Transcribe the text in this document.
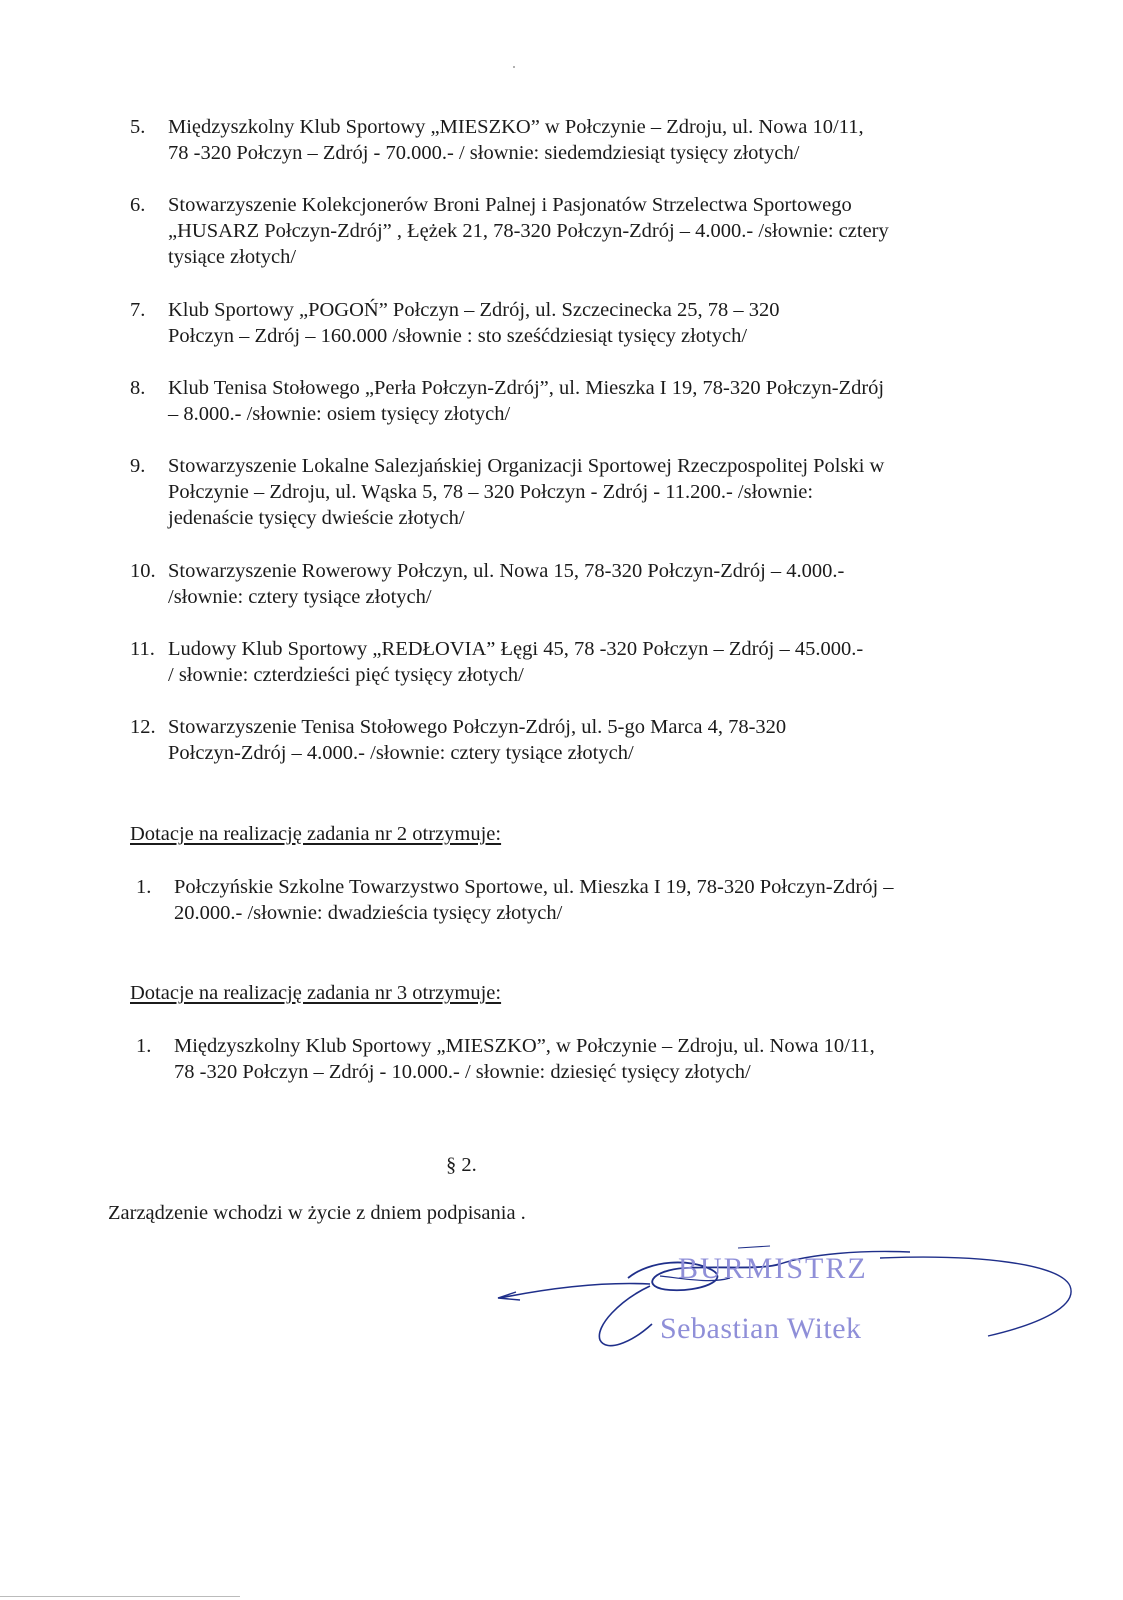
5.	Międzyszkolny Klub Sportowy „MIESZKO” w Połczynie – Zdroju, ul. Nowa 10/11,
78 -320 Połczyn – Zdrój - 70.000.- / słownie: siedemdziesiąt tysięcy złotych/
6.	Stowarzyszenie Kolekcjonerów Broni Palnej i Pasjonatów Strzelectwa Sportowego
„HUSARZ Połczyn-Zdrój” , Łężek 21, 78-320 Połczyn-Zdrój – 4.000.- /słownie: cztery
tysiące złotych/
7.	Klub Sportowy „POGOŃ” Połczyn – Zdrój, ul. Szczecinecka 25, 78 – 320
Połczyn – Zdrój – 160.000 /słownie : sto sześćdziesiąt tysięcy złotych/
8.	Klub Tenisa Stołowego „Perła Połczyn-Zdrój”, ul. Mieszka I 19, 78-320 Połczyn-Zdrój
– 8.000.- /słownie: osiem tysięcy złotych/
9.	Stowarzyszenie Lokalne Salezjańskiej Organizacji Sportowej Rzeczpospolitej Polski w
Połczynie – Zdroju, ul. Wąska 5, 78 – 320 Połczyn - Zdrój - 11.200.- /słownie:
jedenaście tysięcy dwieście złotych/
10. Stowarzyszenie Rowerowy Połczyn, ul. Nowa 15, 78-320 Połczyn-Zdrój – 4.000.-
/słownie: cztery tysiące złotych/
11. Ludowy Klub Sportowy „REDŁOVIA” Łęgi 45, 78 -320 Połczyn – Zdrój – 45.000.-
/ słownie: czterdzieści pięć tysięcy złotych/
12. Stowarzyszenie Tenisa Stołowego Połczyn-Zdrój, ul. 5-go Marca 4, 78-320
Połczyn-Zdrój – 4.000.- /słownie: cztery tysiące złotych/
Dotacje na realizację zadania nr 2 otrzymuje:
1.	Połczyńskie Szkolne Towarzystwo Sportowe, ul. Mieszka I 19, 78-320 Połczyn-Zdrój –
20.000.- /słownie: dwadzieścia tysięcy złotych/
Dotacje na realizację zadania nr 3 otrzymuje:
1.	Międzyszkolny Klub Sportowy „MIESZKO”, w Połczynie – Zdroju, ul. Nowa 10/11,
78 -320 Połczyn – Zdrój - 10.000.- / słownie: dziesięć tysięcy złotych/
§ 2.
Zarządzenie wchodzi w życie z dniem podpisania .
BURMISTRZ
Sebastian Witek
